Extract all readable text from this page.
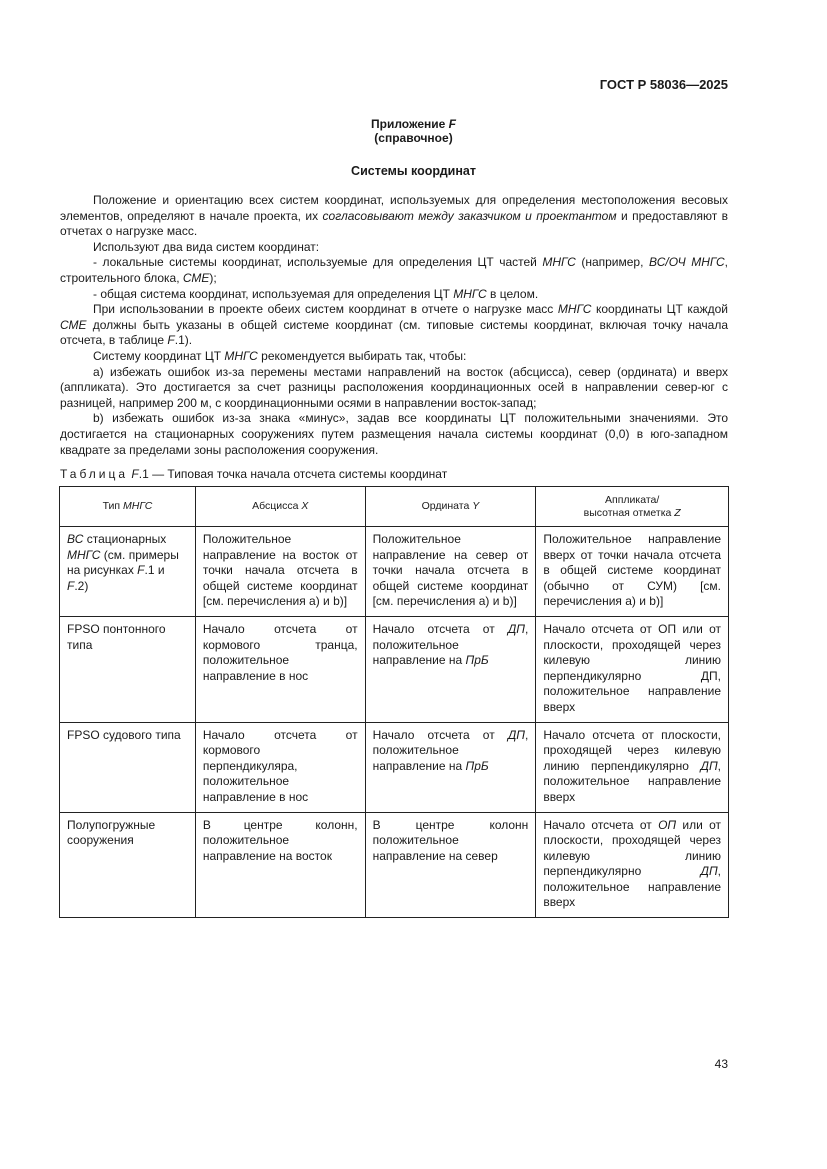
ГОСТ Р 58036—2025
Приложение F
(справочное)
Системы координат

Положение и ориентацию всех систем координат, используемых для определения местоположения весовых элементов, определяют в начале проекта, их согласовывают между заказчиком и проектантом и предоставляют в отчетах о нагрузке масс.

Используют два вида систем координат:

- локальные системы координат, используемые для определения ЦТ частей МНГС (например, ВС/ОЧ МНГС, строительного блока, СМЕ);

- общая система координат, используемая для определения ЦТ МНГС в целом.

При использовании в проекте обеих систем координат в отчете о нагрузке масс МНГС координаты ЦТ каждой СМЕ должны быть указаны в общей системе координат (см. типовые системы координат, включая точку начала отсчета, в таблице F.1).

Систему координат ЦТ МНГС рекомендуется выбирать так, чтобы:

a) избежать ошибок из-за перемены местами направлений на восток (абсцисса), север (ордината) и вверх (аппликата). Это достигается за счет разницы расположения координационных осей в направлении север-юг с разницей, например 200 м, с координационными осями в направлении восток-запад;

b) избежать ошибок из-за знака «минус», задав все координаты ЦТ положительными значениями. Это достигается на стационарных сооружениях путем размещения начала системы координат (0,0) в юго-западном квадрате за пределами зоны расположения сооружения.

Таблица F.1 — Типовая точка начала отсчета системы координат
Тип МНГС	Абсцисса X	Ордината Y	Аппликата/
высотная отметка Z
ВС стационарных МНГС (см. примеры на рисунках F.1 и F.2)	Положительное направление на восток от точки начала отсчета в общей системе координат [см. перечисления a) и b)]	Положительное направление на север от точки начала отсчета в общей системе координат [см. перечисления a) и b)]	Положительное направление вверх от точки начала отсчета в общей системе координат (обычно от СУМ) [см. перечисления a) и b)]
FPSO понтонного типа	Начало отсчета от кормового транца, положительное направление в нос	Начало отсчета от ДП, положительное направление на ПрБ	Начало отсчета от ОП или от плоскости, проходящей через килевую линию перпендикулярно ДП, положительное направление вверх
FPSO судового типа	Начало отсчета от кормового перпендикуляра, положительное направление в нос	Начало отсчета от ДП, положительное направление на ПрБ	Начало отсчета от плоскости, проходящей через килевую линию перпендикулярно ДП, положительное направление вверх
Полупогружные сооружения	В центре колонн, положительное направление на восток	В центре колонн положительное направление на север	Начало отсчета от ОП или от плоскости, проходящей через килевую линию перпендикулярно ДП, положительное направление вверх
43
